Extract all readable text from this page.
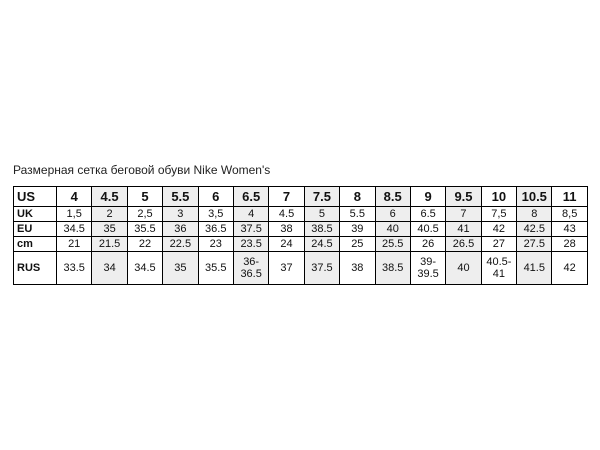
Размерная сетка беговой обуви Nike Women's
US	4	4.5	5	5.5	6	6.5	7	7.5	8	8.5	9	9.5	10	10.5	11
UK	1,5	2	2,5	3	3,5	4	4.5	5	5.5	6	6.5	7	7,5	8	8,5
EU	34.5	35	35.5	36	36.5	37.5	38	38.5	39	40	40.5	41	42	42.5	43
cm	21	21.5	22	22.5	23	23.5	24	24.5	25	25.5	26	26.5	27	27.5	28
RUS	33.5	34	34.5	35	35.5	36-36.5	37	37.5	38	38.5	39-39.5	40	40.5-41	41.5	42
